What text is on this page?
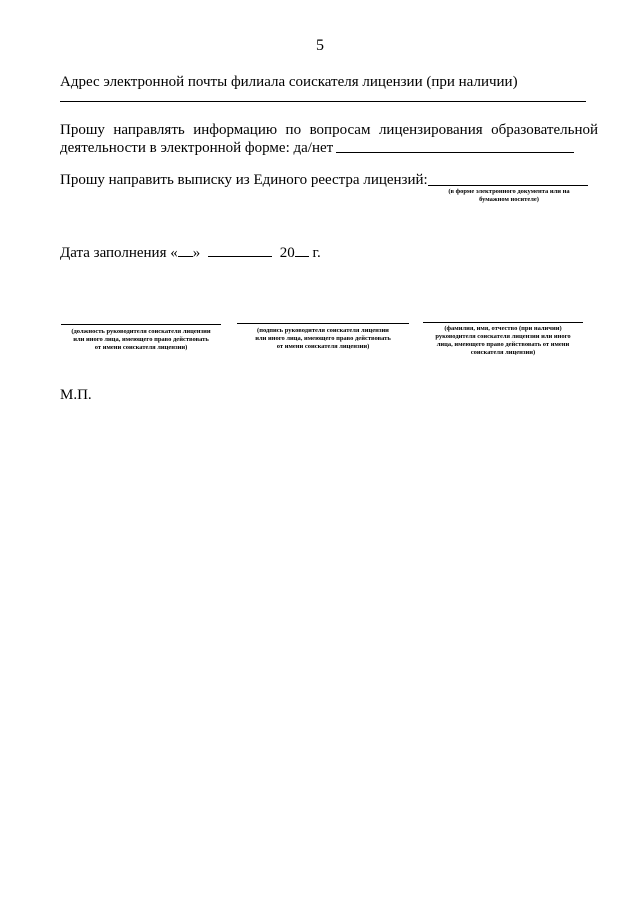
5
Адрес электронной почты филиала соискателя лицензии (при наличии)
Прошу направлять информацию по вопросам лицензирования образовательной
деятельности в электронной форме: да/нет
Прошу направить выписку из Единого реестра лицензий:
(в форме электронного документа или на
бумажном носителе)
Дата заполнения « »	20 г.
(должность руководителя соискателя лицензии
или иного лица, имеющего право действовать
от имени соискателя лицензии)
(подпись руководителя соискателя лицензии
или иного лица, имеющего право действовать
от имени соискателя лицензии)
(фамилия, имя, отчество (при наличии)
руководителя соискателя лицензии или иного
лица, имеющего право действовать от имени
соискателя лицензии)
М.П.
